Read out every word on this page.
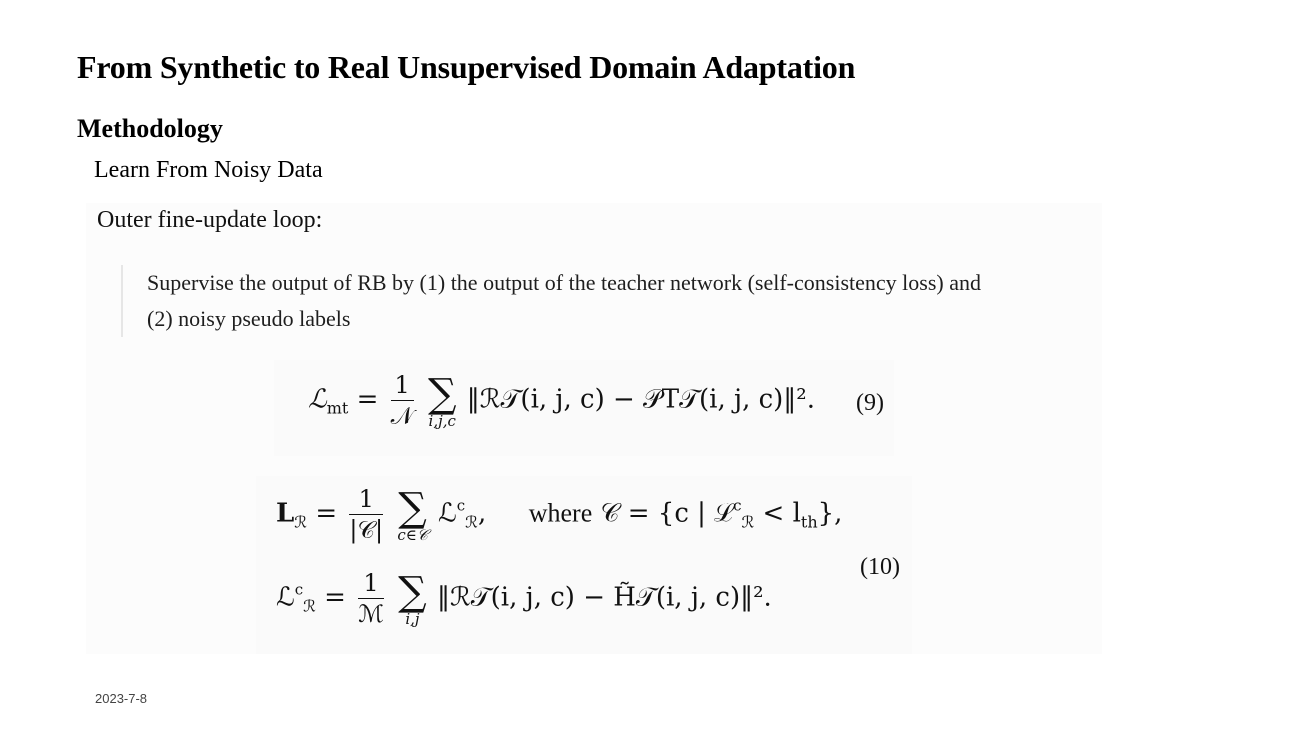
From Synthetic to Real Unsupervised Domain Adaptation
Methodology
Learn From Noisy Data
Outer fine-update loop:
Supervise the output of RB by (1) the output of the teacher network (self-consistency loss) and
(2) noisy pseudo labels
ℒ$_{mt}$ = $\frac{1}{\text{𝒩}}$
∑
i,j,c
‖ℛ𝒯(i, j, c) − 𝒫T𝒯(i, j, c)‖². (9)
$L_ℛ = \frac{1}{\text{|𝒞|}}$
∑
c∈𝒞
ℒ$^c_ℛ$,  where 𝒞 = {c | ℒ$^c_ℛ$ < $l_{th}$},
ℒ$^c_ℛ$ = $\frac{1}{\text{ℳ}}$
∑
i,j
‖ℛ𝒯(i, j, c) − H̃𝒯(i, j, c)‖².
(10)
2023-7-8
